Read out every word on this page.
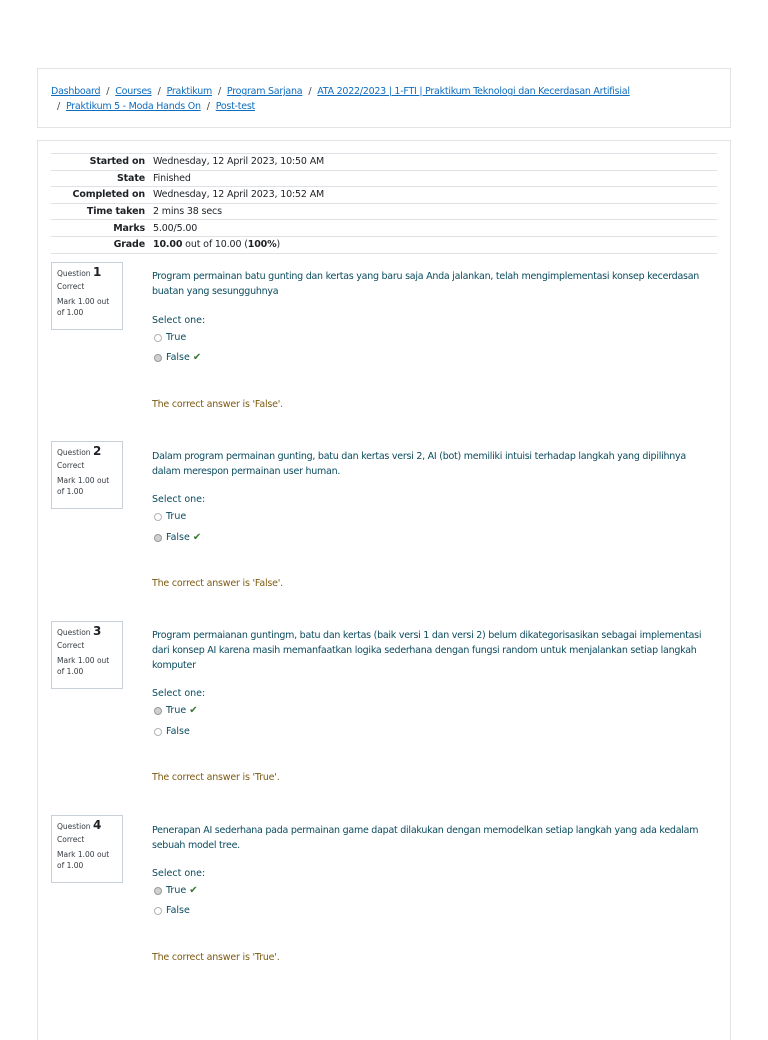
Dashboard / Courses / Praktikum / Program Sarjana / ATA 2022/2023 | 1-FTI | Praktikum Teknologi dan Kecerdasan Artifisial
/ Praktikum 5 - Moda Hands On / Post-test
Started on	Wednesday, 12 April 2023, 10:50 AM
State	Finished
Completed on	Wednesday, 12 April 2023, 10:52 AM
Time taken	2 mins 38 secs
Marks	5.00/5.00
Grade	10.00 out of 10.00 (100%)
Question 1
Correct
Mark 1.00 out of 1.00
Program permainan batu gunting dan kertas yang baru saja Anda jalankan, telah mengimplementasi konsep kecerdasan buatan yang sesungguhnya
Select one:
True
False ✔
The correct answer is 'False'.
Question 2
Correct
Mark 1.00 out of 1.00
Dalam program permainan gunting, batu dan kertas versi 2, AI (bot) memiliki intuisi terhadap langkah yang dipilihnya dalam merespon permainan user human.
Select one:
True
False ✔
The correct answer is 'False'.
Question 3
Correct
Mark 1.00 out of 1.00
Program permaianan guntingm, batu dan kertas (baik versi 1 dan versi 2) belum dikategorisasikan sebagai implementasi dari konsep AI karena masih memanfaatkan logika sederhana dengan fungsi random untuk menjalankan setiap langkah komputer
Select one:
True ✔
False
The correct answer is 'True'.
Question 4
Correct
Mark 1.00 out of 1.00
Penerapan AI sederhana pada permainan game dapat dilakukan dengan memodelkan setiap langkah yang ada kedalam sebuah model tree.
Select one:
True ✔
False
The correct answer is 'True'.
